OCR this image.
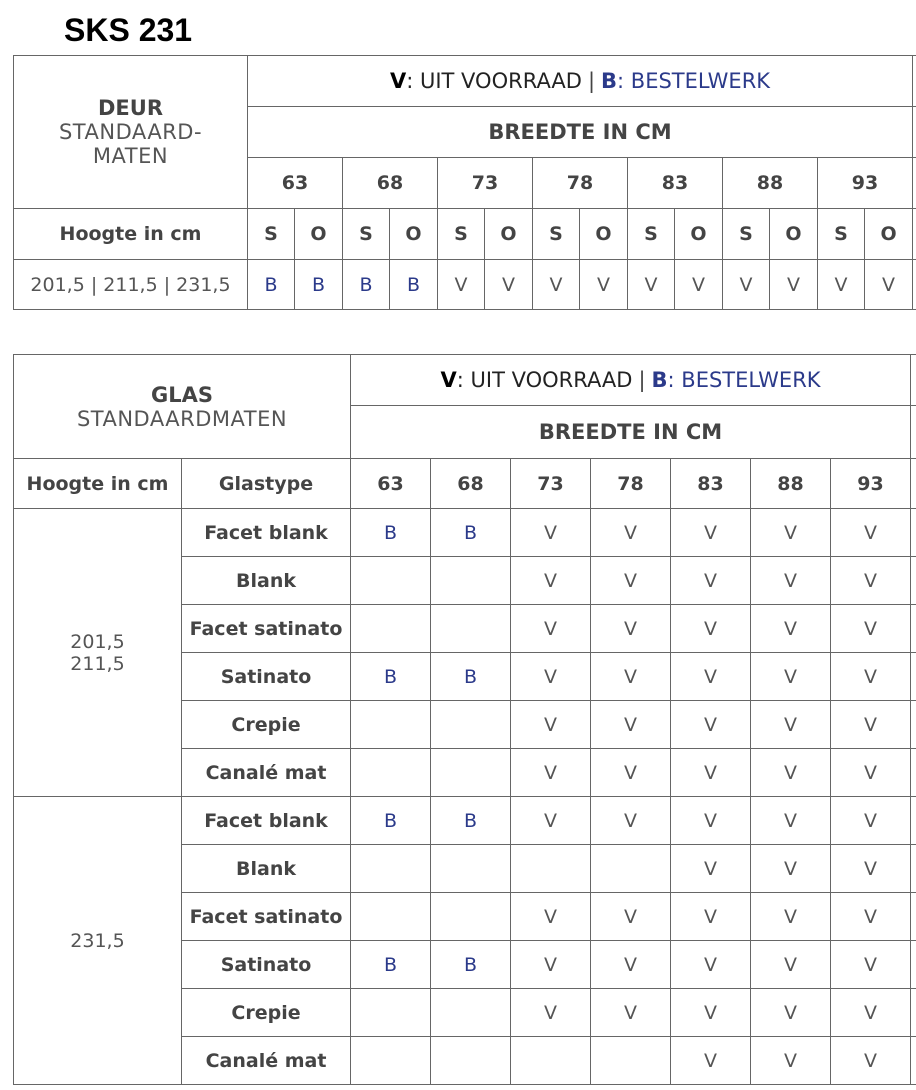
SKS 231
DEUR
STANDAARD-
MATEN	V: UIT VOORRAAD | B: BESTELWERK														
	BREEDTE IN CM														
	63		68		73		78		83		88		93		
Hoogte in cm	S	O	S	O	S	O	S	O	S	O	S	O	S	O	
201,5 | 211,5 | 231,5	B	B	B	B	V	V	V	V	V	V	V	V	V	V	
GLAS
STANDAARDMATEN		V: UIT VOORRAAD | B: BESTELWERK							
		BREEDTE IN CM							
Hoogte in cm	Glastype	63	68	73	78	83	88	93	

201,5
211,5	Facet blank	B	B	V	V	V	V	V	
	Blank			V	V	V	V	V	
	Facet satinato			V	V	V	V	V	
	Satinato	B	B	V	V	V	V	V	
	Crepie			V	V	V	V	V	
	Canalé mat			V	V	V	V	V	

231,5	Facet blank	B	B	V	V	V	V	V	
	Blank					V	V	V	
	Facet satinato			V	V	V	V	V	
	Satinato	B	B	V	V	V	V	V	
	Crepie			V	V	V	V	V	
	Canalé mat					V	V	V	
